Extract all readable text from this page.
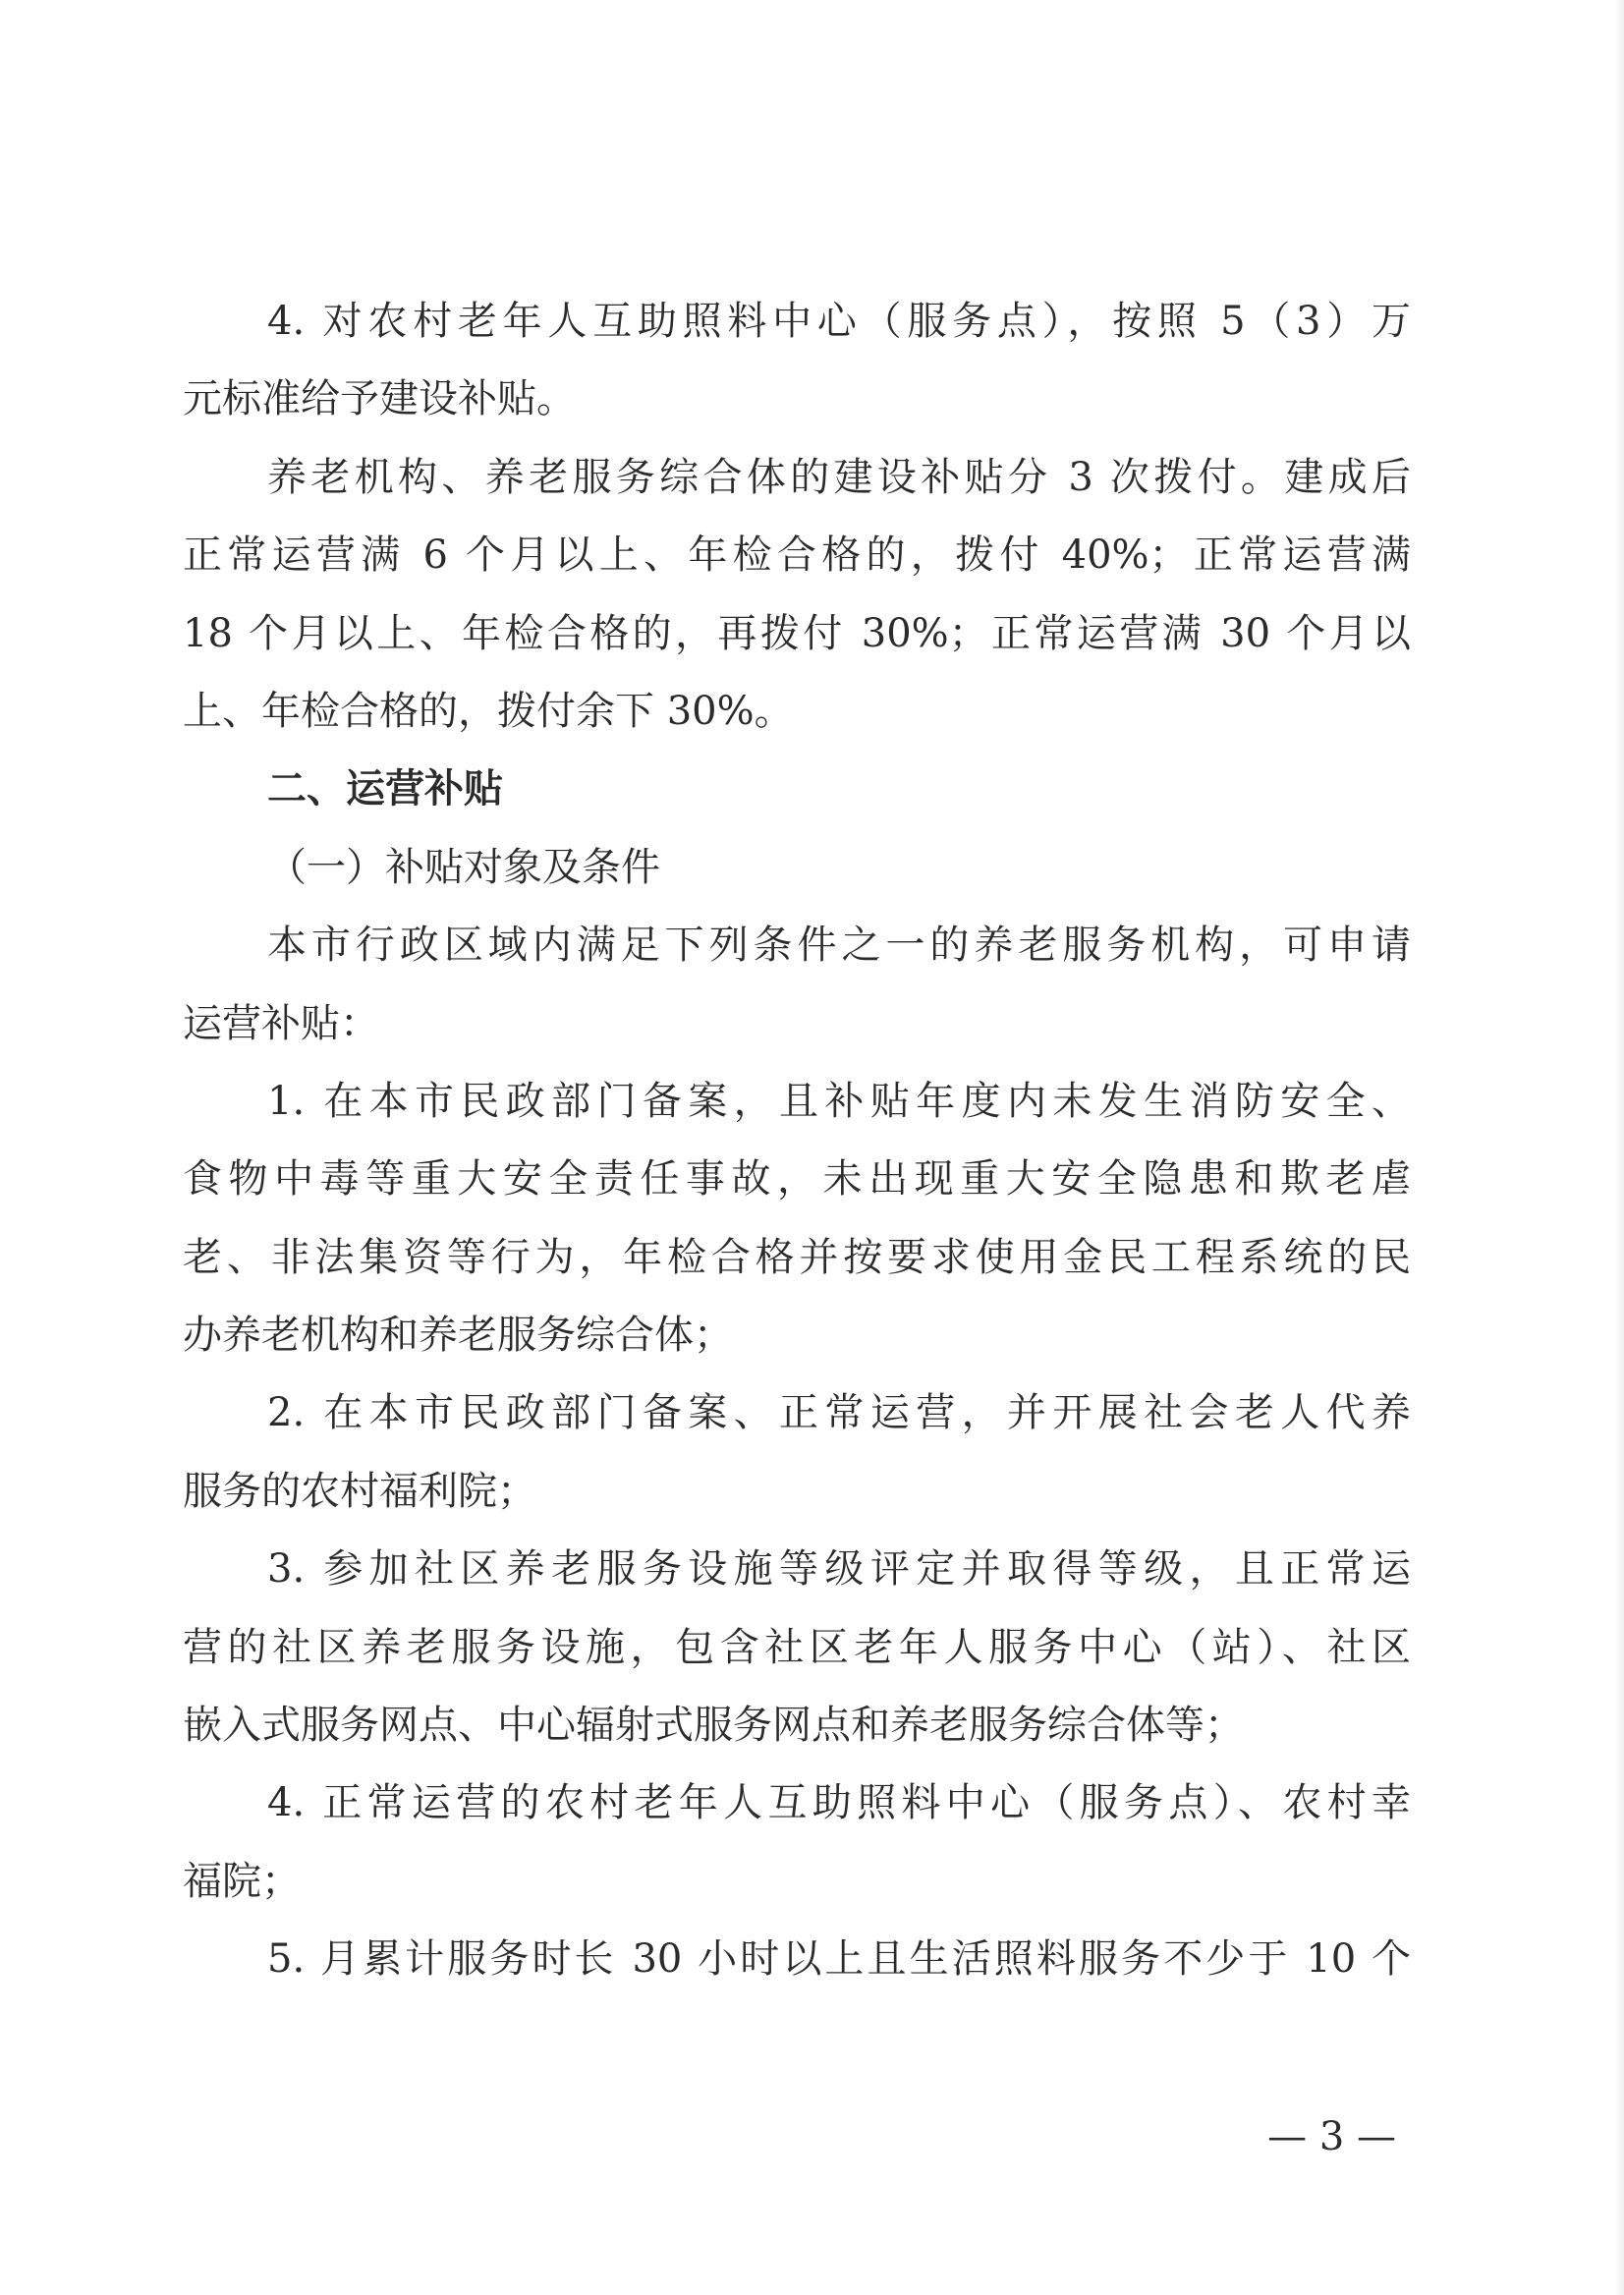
4. 对农村老年人互助照料中心（服务点），按照 5（3）万
元标准给予建设补贴。
养老机构、养老服务综合体的建设补贴分 3 次拨付。建成后
正常运营满 6 个月以上、年检合格的，拨付 40%；正常运营满
18 个月以上、年检合格的，再拨付 30%；正常运营满 30 个月以
上、年检合格的，拨付余下 30%。
二、运营补贴
（一）补贴对象及条件
本市行政区域内满足下列条件之一的养老服务机构，可申请
运营补贴：
1. 在本市民政部门备案，且补贴年度内未发生消防安全、
食物中毒等重大安全责任事故，未出现重大安全隐患和欺老虐
老、非法集资等行为，年检合格并按要求使用金民工程系统的民
办养老机构和养老服务综合体；
2. 在本市民政部门备案、正常运营，并开展社会老人代养
服务的农村福利院；
3. 参加社区养老服务设施等级评定并取得等级，且正常运
营的社区养老服务设施，包含社区老年人服务中心（站）、社区
嵌入式服务网点、中心辐射式服务网点和养老服务综合体等；
4. 正常运营的农村老年人互助照料中心（服务点）、农村幸
福院；
5. 月累计服务时长 30 小时以上且生活照料服务不少于 10 个
— 3 —
